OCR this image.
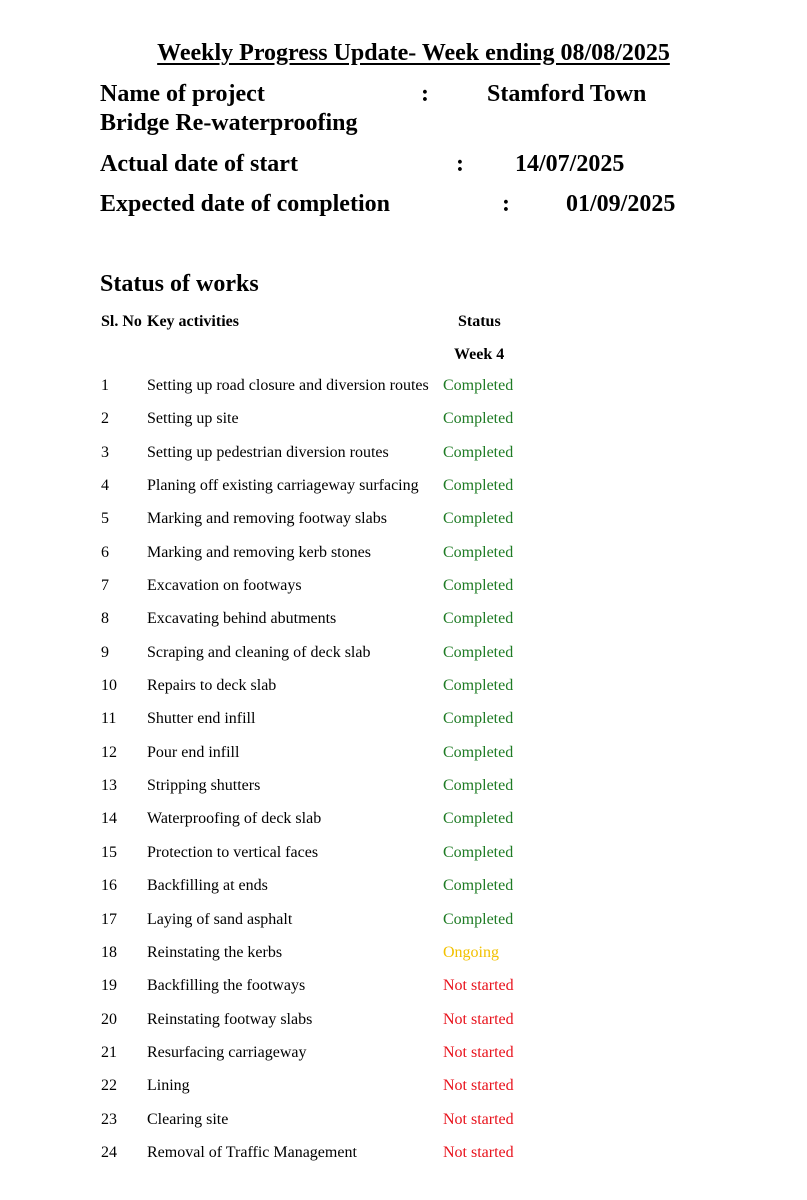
Weekly Progress Update- Week ending 08/08/2025
Name of project	: Stamford Town
Bridge Re-waterproofing
Actual date of start	: 14/07/2025
Expected date of completion	: 01/09/2025
Status of works
Sl. No Key activities	Status
Week 4
1 Setting up road closure and diversion routes Completed
2 Setting up site	Completed
3 Setting up pedestrian diversion routes	Completed
4 Planing off existing carriageway surfacing Completed
5 Marking and removing footway slabs	Completed
6 Marking and removing kerb stones	Completed
7 Excavation on footways	Completed
8 Excavating behind abutments	Completed
9 Scraping and cleaning of deck slab	Completed
10 Repairs to deck slab	Completed
11 Shutter end infill	Completed
12 Pour end infill	Completed
13 Stripping shutters	Completed
14 Waterproofing of deck slab	Completed
15 Protection to vertical faces	Completed
16 Backfilling at ends	Completed
17 Laying of sand asphalt	Completed
18 Reinstating the kerbs	Ongoing
19 Backfilling the footways	Not started
20 Reinstating footway slabs	Not started
21 Resurfacing carriageway	Not started
22 Lining	Not started
23 Clearing site	Not started
24 Removal of Traffic Management	Not started
